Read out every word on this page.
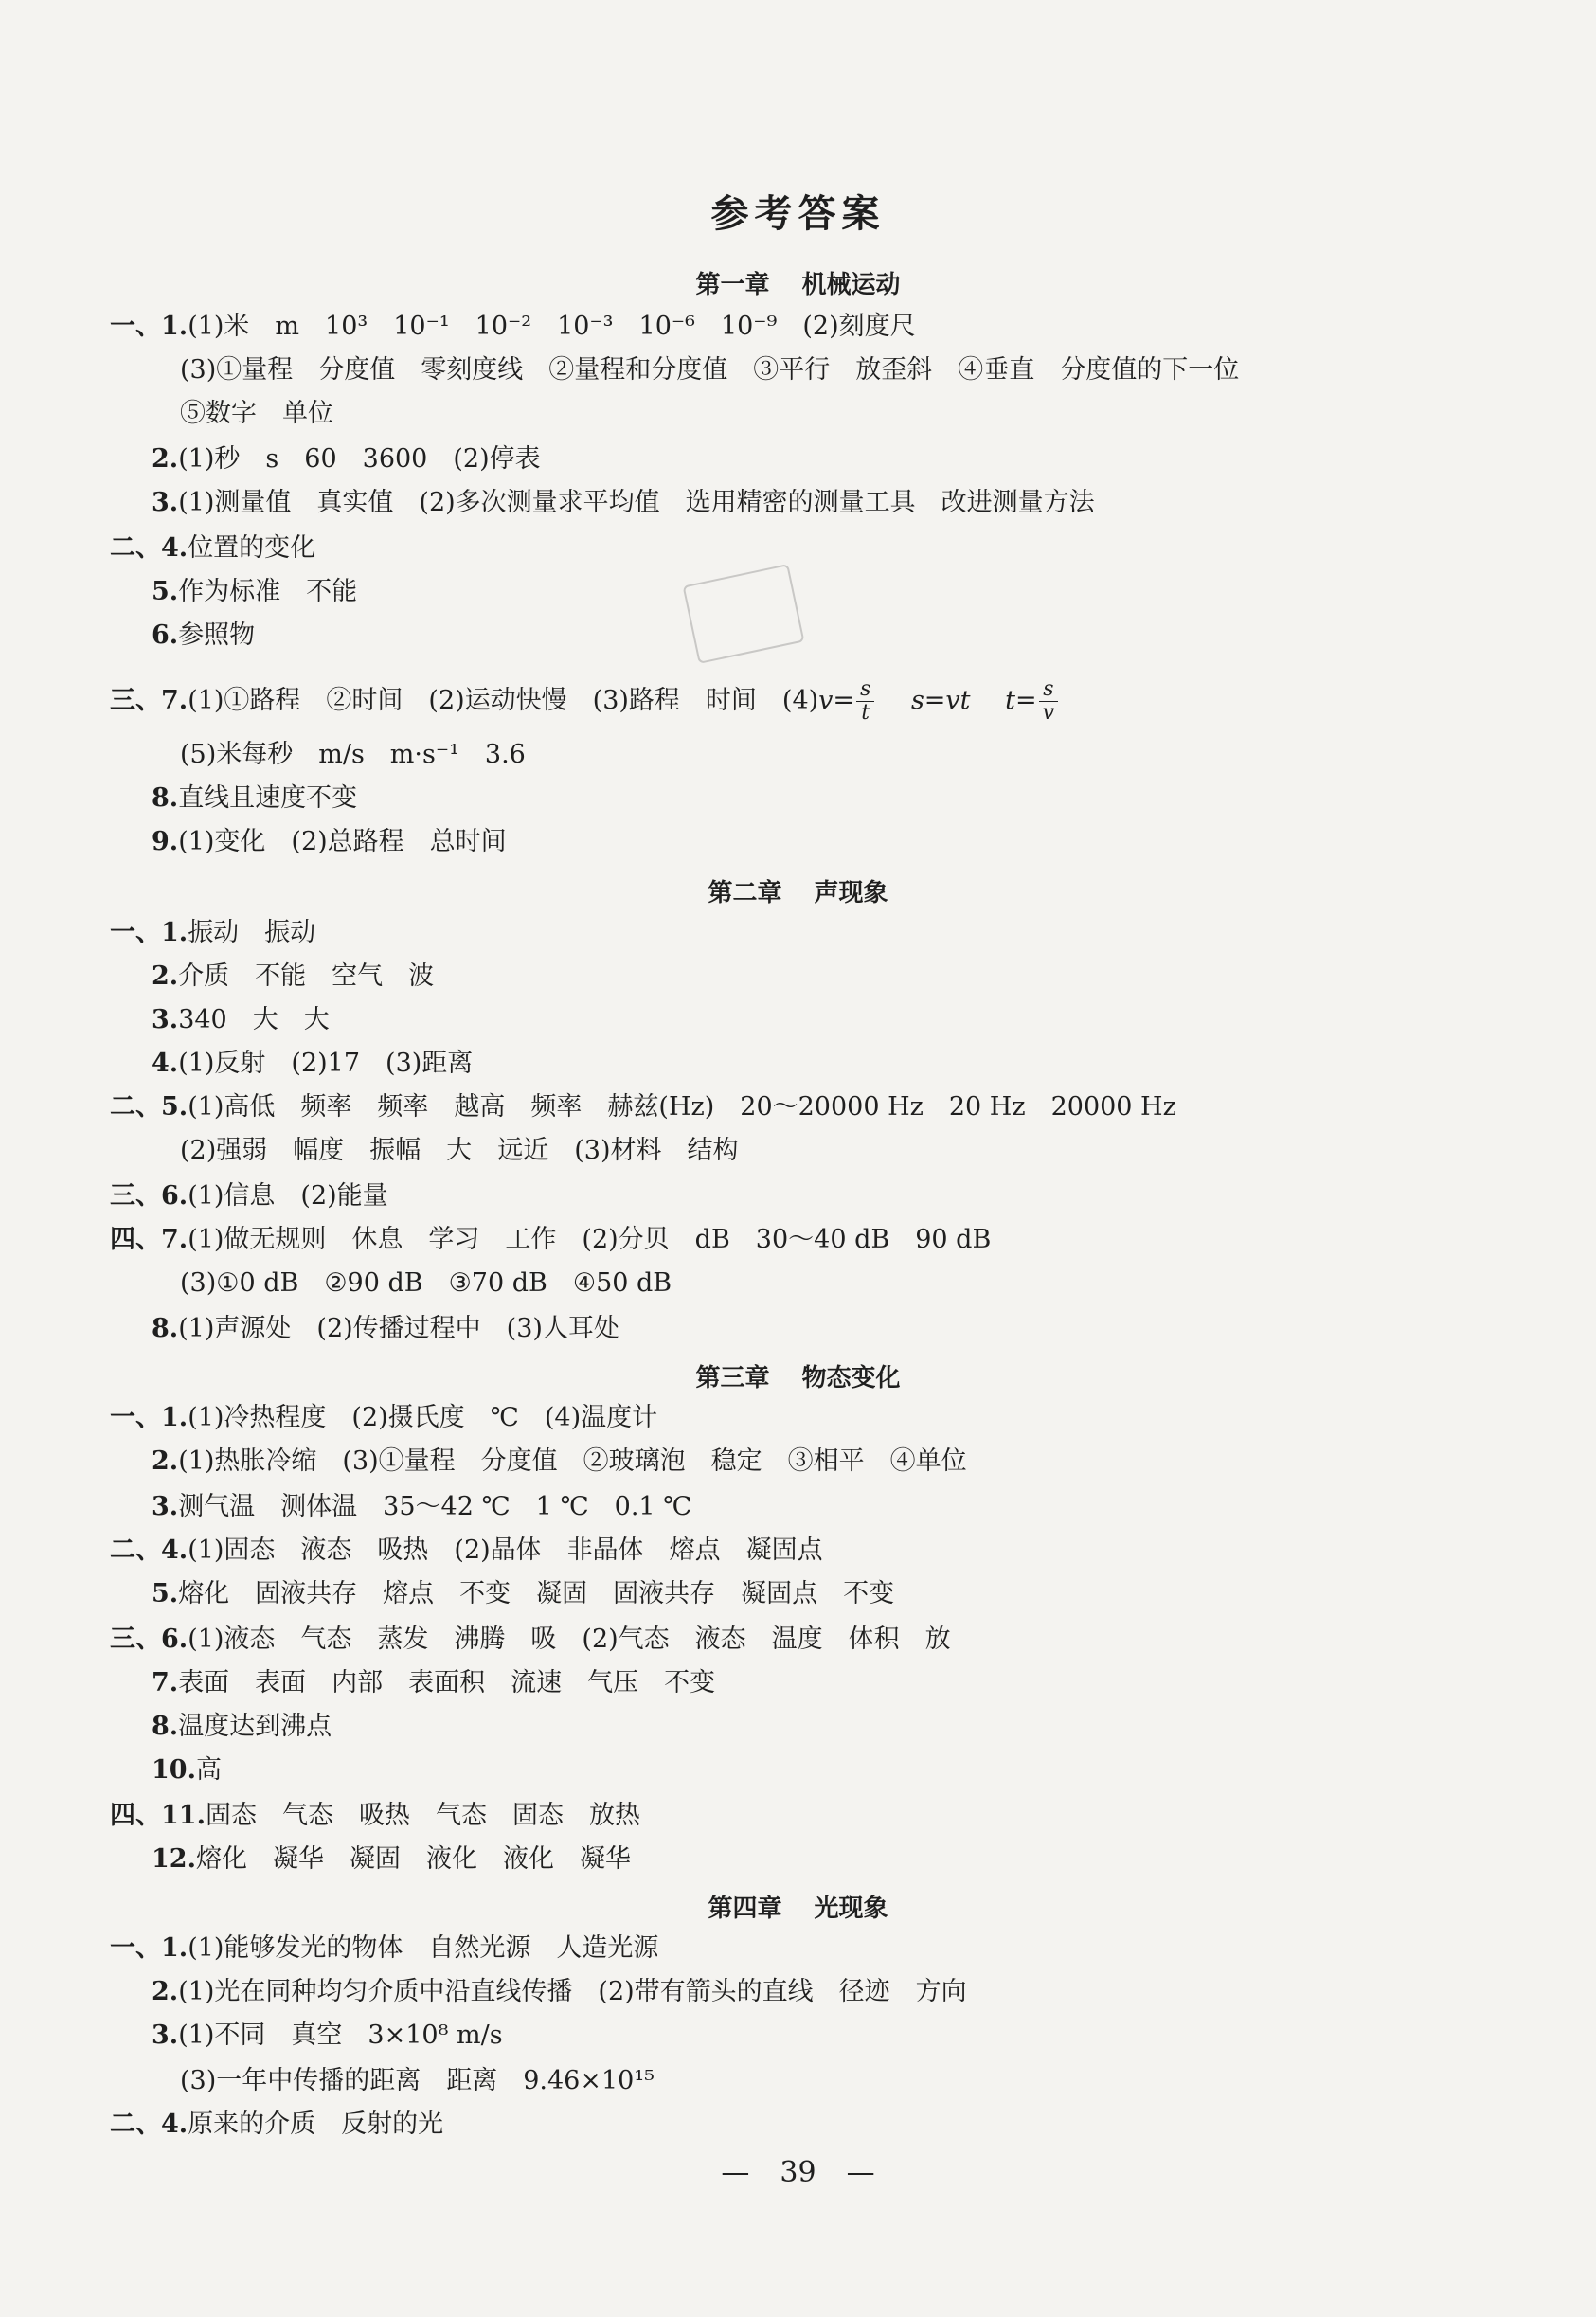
参考答案
第一章 机械运动
一、1.(1)米　m　10³　10⁻¹　10⁻²　10⁻³　10⁻⁶　10⁻⁹　(2)刻度尺
(3)①量程　分度值　零刻度线　②量程和分度值　③平行　放歪斜　④垂直　分度值的下一位
⑤数字　单位
2.(1)秒　s　60　3600　(2)停表
3.(1)测量值　真实值　(2)多次测量求平均值　选用精密的测量工具　改进测量方法
二、4.位置的变化
5.作为标准　不能
6.参照物
三、7.(1)①路程　②时间　(2)运动快慢　(3)路程　时间　$(4)v= \frac{s}{t} s=vt$ $t= \frac{s}{v}$
(5)米每秒　m/s　m·s⁻¹　3.6
8.直线且速度不变
9.(1)变化　(2)总路程　总时间
第二章 声现象
一、1.振动　振动
2.介质　不能　空气　波
3.340　大　大
4.(1)反射　(2)17　(3)距离
二、5.(1)高低　频率　频率　越高　频率　赫兹(Hz)　20～20000 Hz　20 Hz　20000 Hz
(2)强弱　幅度　振幅　大　远近　(3)材料　结构
三、6.(1)信息　(2)能量
四、7.(1)做无规则　休息　学习　工作　(2)分贝　dB　30～40 dB　90 dB
(3)①0 dB　②90 dB　③70 dB　④50 dB
8.(1)声源处　(2)传播过程中　(3)人耳处
第三章 物态变化
一、1.(1)冷热程度　(2)摄氏度　℃　(4)温度计
2.(1)热胀冷缩　(3)①量程　分度值　②玻璃泡　稳定　③相平　④单位
3.测气温　测体温　35～42 ℃　1 ℃　0.1 ℃
二、4.(1)固态　液态　吸热　(2)晶体　非晶体　熔点　凝固点
5.熔化　固液共存　熔点　不变　凝固　固液共存　凝固点　不变
三、6.(1)液态　气态　蒸发　沸腾　吸　(2)气态　液态　温度　体积　放
7.表面　表面　内部　表面积　流速　气压　不变
8.温度达到沸点
10.高
四、11.固态　气态　吸热　气态　固态　放热
12.熔化　凝华　凝固　液化　液化　凝华
第四章 光现象
一、1.(1)能够发光的物体　自然光源　人造光源
2.(1)光在同种均匀介质中沿直线传播　(2)带有箭头的直线　径迹　方向
3.(1)不同　真空　3×10⁸ m/s
(3)一年中传播的距离　距离　9.46×10¹⁵
二、4.原来的介质　反射的光
— 39 —
